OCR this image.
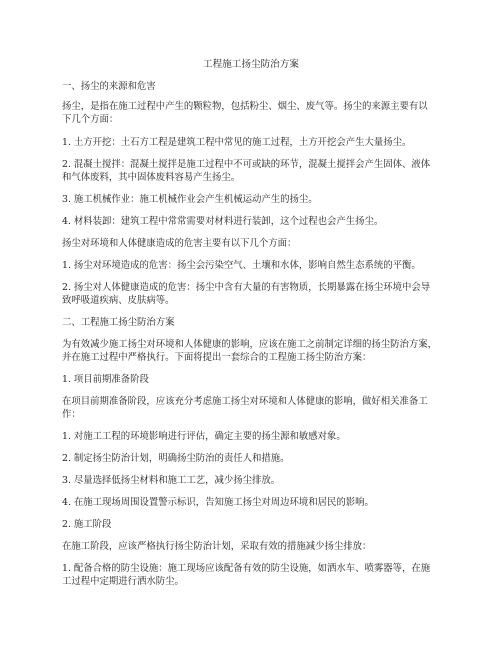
工程施工扬尘防治方案

一、扬尘的来源和危害

扬尘，是指在施工过程中产生的颗粒物，包括粉尘、烟尘、废气等。扬尘的来源主要有以

下几个方面：

1. 土方开挖：土石方工程是建筑工程中常见的施工过程，土方开挖会产生大量扬尘。

2. 混凝土搅拌：混凝土搅拌是施工过程中不可或缺的环节，混凝土搅拌会产生固体、液体

和气体废料，其中固体废料容易产生扬尘。

3. 施工机械作业：施工机械作业会产生机械运动产生的扬尘。

4. 材料装卸：建筑工程中常常需要对材料进行装卸，这个过程也会产生扬尘。

扬尘对环境和人体健康造成的危害主要有以下几个方面：

1. 扬尘对环境造成的危害：扬尘会污染空气、土壤和水体，影响自然生态系统的平衡。

2. 扬尘对人体健康造成的危害：扬尘中含有大量的有害物质，长期暴露在扬尘环境中会导

致呼吸道疾病、皮肤病等。

二、工程施工扬尘防治方案

为有效减少施工扬尘对环境和人体健康的影响，应该在施工之前制定详细的扬尘防治方案，

并在施工过程中严格执行。下面将提出一套综合的工程施工扬尘防治方案：

1. 项目前期准备阶段

在项目前期准备阶段，应该充分考虑施工扬尘对环境和人体健康的影响，做好相关准备工

作：

1. 对施工工程的环境影响进行评估，确定主要的扬尘源和敏感对象。

2. 制定扬尘防治计划，明确扬尘防治的责任人和措施。

3. 尽量选择低扬尘材料和施工工艺，减少扬尘排放。

4. 在施工现场周围设置警示标识，告知施工扬尘对周边环境和居民的影响。

2. 施工阶段

在施工阶段，应该严格执行扬尘防治计划，采取有效的措施减少扬尘排放：

1. 配备合格的防尘设施：施工现场应该配备有效的防尘设施，如洒水车、喷雾器等，在施

工过程中定期进行洒水防尘。
